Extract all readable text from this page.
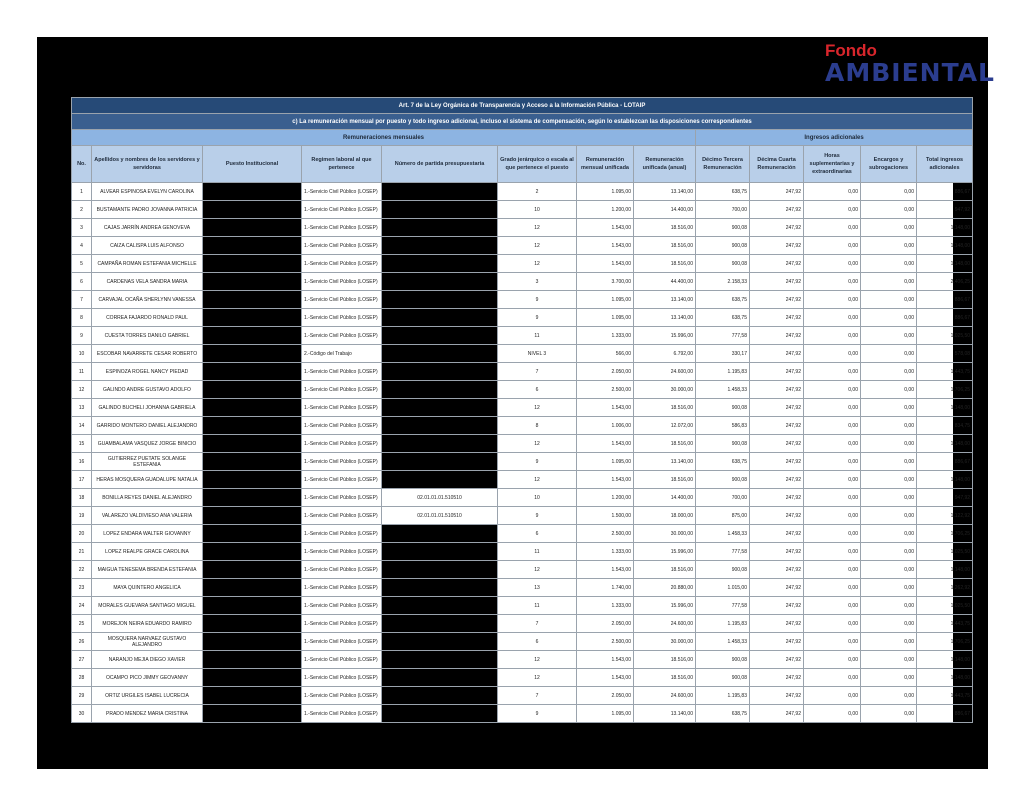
Fondo
AMBIENTAL
Art. 7 de la Ley Orgánica de Transparencia y Acceso a la Información Pública - LOTAIP												
c) La remuneración mensual por puesto y todo ingreso adicional, incluso el sistema de compensación, según lo establezcan las disposiciones correspondientes												
Remuneraciones mensuales								Ingresos adicionales				
No.	Apellidos y nombres de los servidores y servidoras	Puesto Institucional	Regimen laboral al que pertenece	Número de partida presupuestaria	Grado jerárquico o escala al que pertenece el puesto	Remuneración mensual unificada	Remuneración unificada (anual)	Décimo Tercera Remuneración	Décima Cuarta Remuneración	Horas suplementarias y extraordinarias	Encargos y subrogaciones	Total ingresos adicionales
1	ALVEAR ESPINOSA EVELYN CAROLINA		1.-Servicio Civil Público (LOSEP)		2	1.095,00	13.140,00	638,75	247,92	0,00	0,00	886,67
2	BUSTAMANTE PADRO JOVANNA PATRICIA		1.-Servicio Civil Público (LOSEP)		10	1.200,00	14.400,00	700,00	247,92	0,00	0,00	947,92
3	CAJAS JARRÍN ANDREA GENOVEVA		1.-Servicio Civil Público (LOSEP)		12	1.543,00	18.516,00	900,08	247,92	0,00	0,00	1.148,00
4	CAIZA CALISPA LUIS ALFONSO		1.-Servicio Civil Público (LOSEP)		12	1.543,00	18.516,00	900,08	247,92	0,00	0,00	1.148,00
5	CAMPAÑA ROMAN ESTEFANIA MICHELLE		1.-Servicio Civil Público (LOSEP)		12	1.543,00	18.516,00	900,08	247,92	0,00	0,00	1.148,00
6	CARDENAS VELA SANDRA MARIA		1.-Servicio Civil Público (LOSEP)		3	3.700,00	44.400,00	2.158,33	247,92	0,00	0,00	2.406,25
7	CARVAJAL OCAÑA SHERLYNN VANESSA		1.-Servicio Civil Público (LOSEP)		9	1.095,00	13.140,00	638,75	247,92	0,00	0,00	886,67
8	CORREA FAJARDO RONALD PAUL		1.-Servicio Civil Público (LOSEP)		9	1.095,00	13.140,00	638,75	247,92	0,00	0,00	886,67
9	CUESTA TORRES DANILO GABRIEL		1.-Servicio Civil Público (LOSEP)		11	1.333,00	15.996,00	777,58	247,92	0,00	0,00	1.025,50
10	ESCOBAR NAVARRETE CESAR ROBERTO		2.-Código del Trabajo		NIVEL 3	566,00	6.792,00	330,17	247,92	0,00	0,00	578,08
11	ESPINOZA ROGEL NANCY PIEDAD		1.-Servicio Civil Público (LOSEP)		7	2.050,00	24.600,00	1.195,83	247,92	0,00	0,00	1.443,75
12	GALINDO ANDRE GUSTAVO ADOLFO		1.-Servicio Civil Público (LOSEP)		6	2.500,00	30.000,00	1.458,33	247,92	0,00	0,00	1.706,25
13	GALINDO BUCHELI JOHANNA GABRIELA		1.-Servicio Civil Público (LOSEP)		12	1.543,00	18.516,00	900,08	247,92	0,00	0,00	1.148,00
14	GARRIDO MONTERO DANIEL ALEJANDRO		1.-Servicio Civil Público (LOSEP)		8	1.006,00	12.072,00	586,83	247,92	0,00	0,00	834,75
15	GUAMBALAMA VASQUEZ JORGE BINICIO		1.-Servicio Civil Público (LOSEP)		12	1.543,00	18.516,00	900,08	247,92	0,00	0,00	1.148,00
16	GUTIERREZ PUETATE SOLANGE ESTEFANIA		1.-Servicio Civil Público (LOSEP)		9	1.095,00	13.140,00	638,75	247,92	0,00	0,00	886,67
17	HERAS MOSQUERA GUADALUPE NATALIA		1.-Servicio Civil Público (LOSEP)		12	1.543,00	18.516,00	900,08	247,92	0,00	0,00	1.148,00
18	BONILLA REYES DANIEL ALEJANDRO		1.-Servicio Civil Público (LOSEP)	02.01.01.01.510510	10	1.200,00	14.400,00	700,00	247,92	0,00	0,00	947,92
19	VALAREZO VALDIVIESO ANA VALERIA		1.-Servicio Civil Público (LOSEP)	02.01.01.01.510510	9	1.500,00	18.000,00	875,00	247,92	0,00	0,00	1.122,92
20	LOPEZ ENDARA WALTER GIOVANNY		1.-Servicio Civil Público (LOSEP)		6	2.500,00	30.000,00	1.458,33	247,92	0,00	0,00	1.706,25
21	LOPEZ REALPE GRACE CAROLINA		1.-Servicio Civil Público (LOSEP)		11	1.333,00	15.996,00	777,58	247,92	0,00	0,00	1.025,50
22	MAIGUA TENESEMA BRENDA ESTEFANIA		1.-Servicio Civil Público (LOSEP)		12	1.543,00	18.516,00	900,08	247,92	0,00	0,00	1.148,00
23	MAYA QUINTERO ANGELICA		1.-Servicio Civil Público (LOSEP)		13	1.740,00	20.880,00	1.015,00	247,92	0,00	0,00	1.262,92
24	MORALES GUEVARA SANTIAGO MIGUEL		1.-Servicio Civil Público (LOSEP)		11	1.333,00	15.996,00	777,58	247,92	0,00	0,00	1.025,50
25	MOREJON NEIRA EDUARDO RAMIRO		1.-Servicio Civil Público (LOSEP)		7	2.050,00	24.600,00	1.195,83	247,92	0,00	0,00	1.443,75
26	MOSQUERA NARVAEZ GUSTAVO ALEJANDRO		1.-Servicio Civil Público (LOSEP)		6	2.500,00	30.000,00	1.458,33	247,92	0,00	0,00	1.706,25
27	NARANJO MEJIA DIEGO XAVIER		1.-Servicio Civil Público (LOSEP)		12	1.543,00	18.516,00	900,08	247,92	0,00	0,00	1.148,00
28	OCAMPO PICO JIMMY GEOVANNY		1.-Servicio Civil Público (LOSEP)		12	1.543,00	18.516,00	900,08	247,92	0,00	0,00	1.148,00
29	ORTIZ URGILES ISABEL LUCRECIA		1.-Servicio Civil Público (LOSEP)		7	2.050,00	24.600,00	1.195,83	247,92	0,00	0,00	1.443,75
30	PRADO MENDEZ MARIA CRISTINA		1.-Servicio Civil Público (LOSEP)		9	1.095,00	13.140,00	638,75	247,92	0,00	0,00	886,67
